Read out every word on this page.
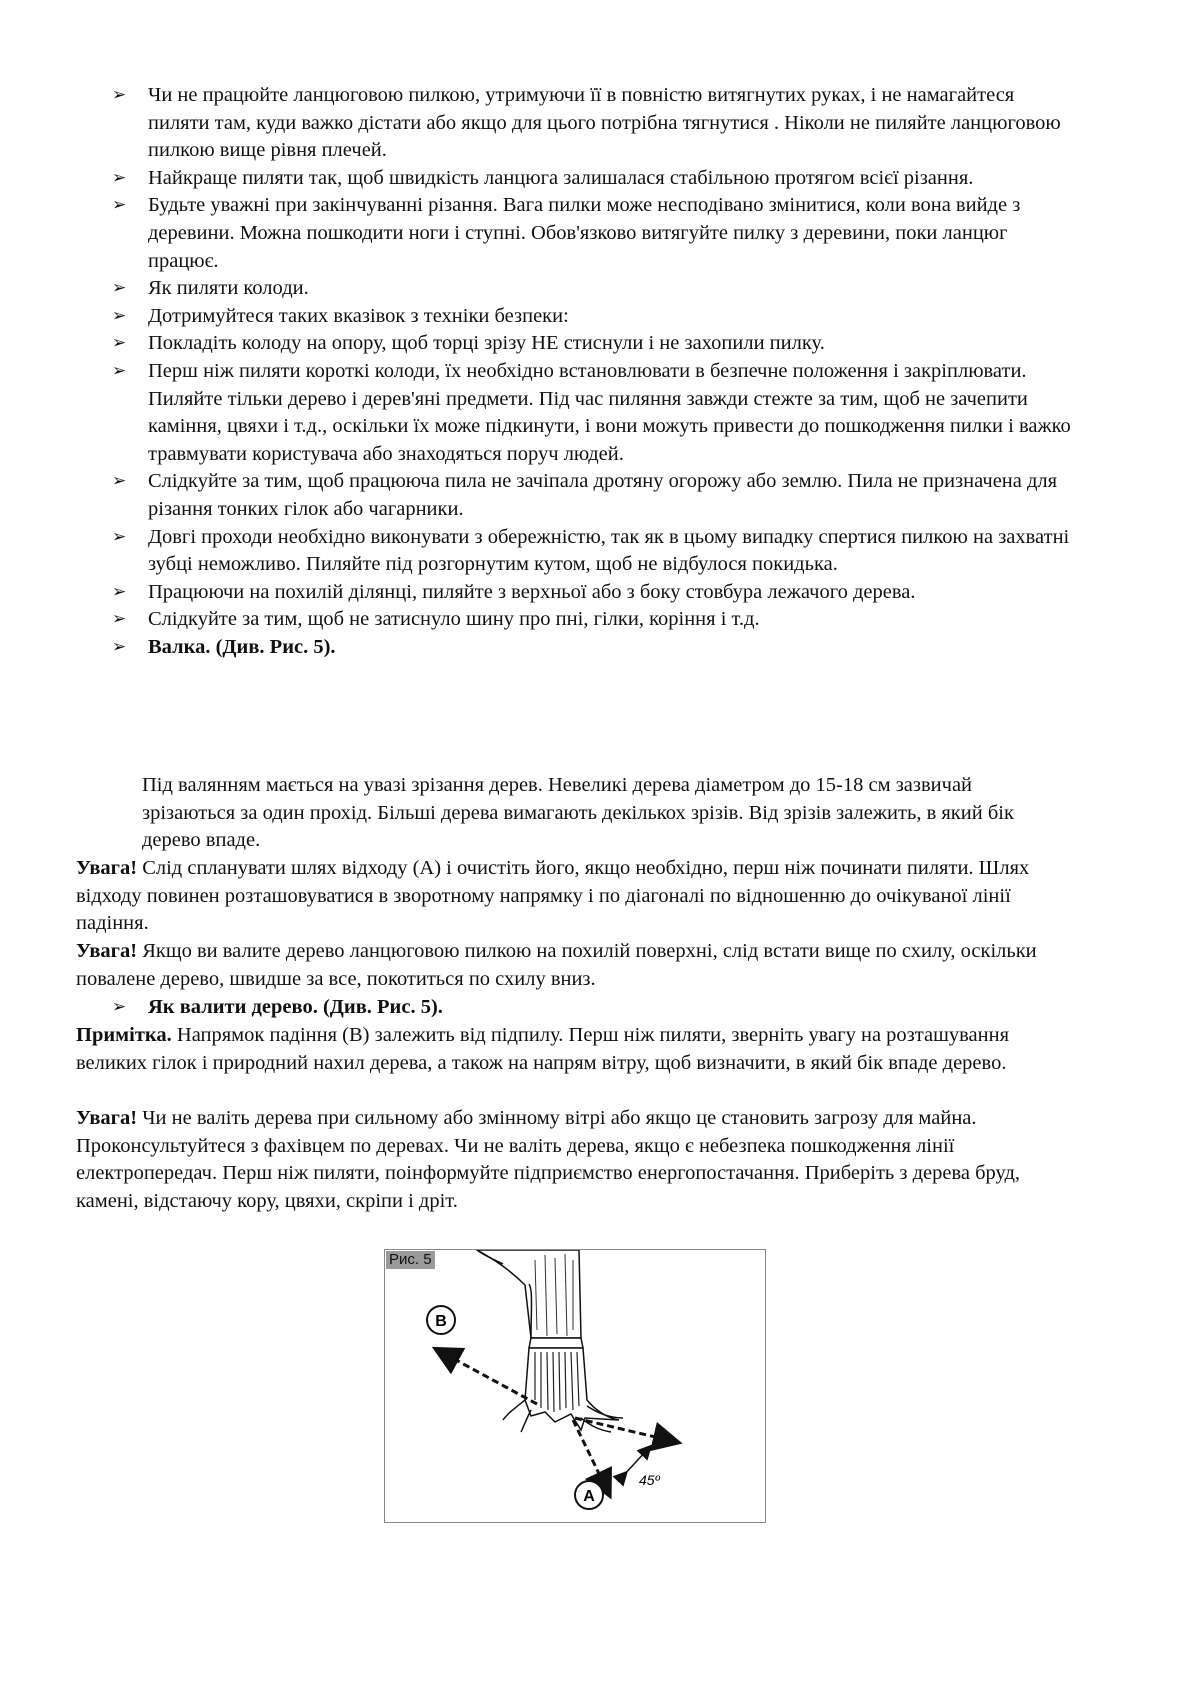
➢ Чи не працюйте ланцюговою пилкою, утримуючи її в повністю витягнутих руках, і не намагайтеся пиляти там, куди важко дістати або якщо для цього потрібна тягнутися . Ніколи не пиляйте ланцюговою пилкою вище рівня плечей.
➢ Найкраще пиляти так, щоб швидкість ланцюга залишалася стабільною протягом всієї різання.
➢ Будьте уважні при закінчуванні різання. Вага пилки може несподівано змінитися, коли вона вийде з деревини. Можна пошкодити ноги і ступні. Обов'язково витягуйте пилку з деревини, поки ланцюг працює.
➢ Як пиляти колоди.
➢ Дотримуйтеся таких вказівок з техніки безпеки:
➢ Покладіть колоду на опору, щоб торці зрізу НЕ стиснули і не захопили пилку.
➢ Перш ніж пиляти короткі колоди, їх необхідно встановлювати в безпечне положення і закріплювати. Пиляйте тільки дерево і дерев'яні предмети. Під час пиляння завжди стежте за тим, щоб не зачепити каміння, цвяхи і т.д., оскільки їх може підкинути, і вони можуть привести до пошкодження пилки і важко травмувати користувача або знаходяться поруч людей.
➢ Слідкуйте за тим, щоб працююча пила не зачіпала дротяну огорожу або землю. Пила не призначена для різання тонких гілок або чагарники.
➢ Довгі проходи необхідно виконувати з обережністю, так як в цьому випадку спертися пилкою на захватні зубці неможливо. Пиляйте під розгорнутим кутом, щоб не відбулося покидька.
➢ Працюючи на похилій ділянці, пиляйте з верхньої або з боку стовбура лежачого дерева.
➢ Слідкуйте за тим, щоб не затиснуло шину про пні, гілки, коріння і т.д.
➢ Валка. (Див. Рис. 5).
Під валянням мається на увазі зрізання дерев. Невеликі дерева діаметром до 15-18 см зазвичай зрізаються за один прохід. Більші дерева вимагають декількох зрізів. Від зрізів залежить, в який бік дерево впаде.
Увага! Слід спланувати шлях відходу (А) і очистіть його, якщо необхідно, перш ніж починати пиляти. Шлях відходу повинен розташовуватися в зворотному напрямку і по діагоналі по відношенню до очікуваної лінії падіння.
Увага! Якщо ви валите дерево ланцюговою пилкою на похилій поверхні, слід встати вище по схилу, оскільки повалене дерево, швидше за все, покотиться по схилу вниз.
➢ Як валити дерево. (Див. Рис. 5).
Примітка. Напрямок падіння (В) залежить від підпилу. Перш ніж пиляти, зверніть увагу на розташування великих гілок і природний нахил дерева, а також на напрям вітру, щоб визначити, в який бік впаде дерево.
Увага! Чи не валіть дерева при сильному або змінному вітрі або якщо це становить загрозу для майна. Проконсультуйтеся з фахівцем по деревах. Чи не валіть дерева, якщо є небезпека пошкодження лінії електропередач. Перш ніж пиляти, поінформуйте підприємство енергопостачання. Приберіть з дерева бруд, камені, відстаючу кору, цвяхи, скріпи і дріт.
B
45º
A
Рис. 5
